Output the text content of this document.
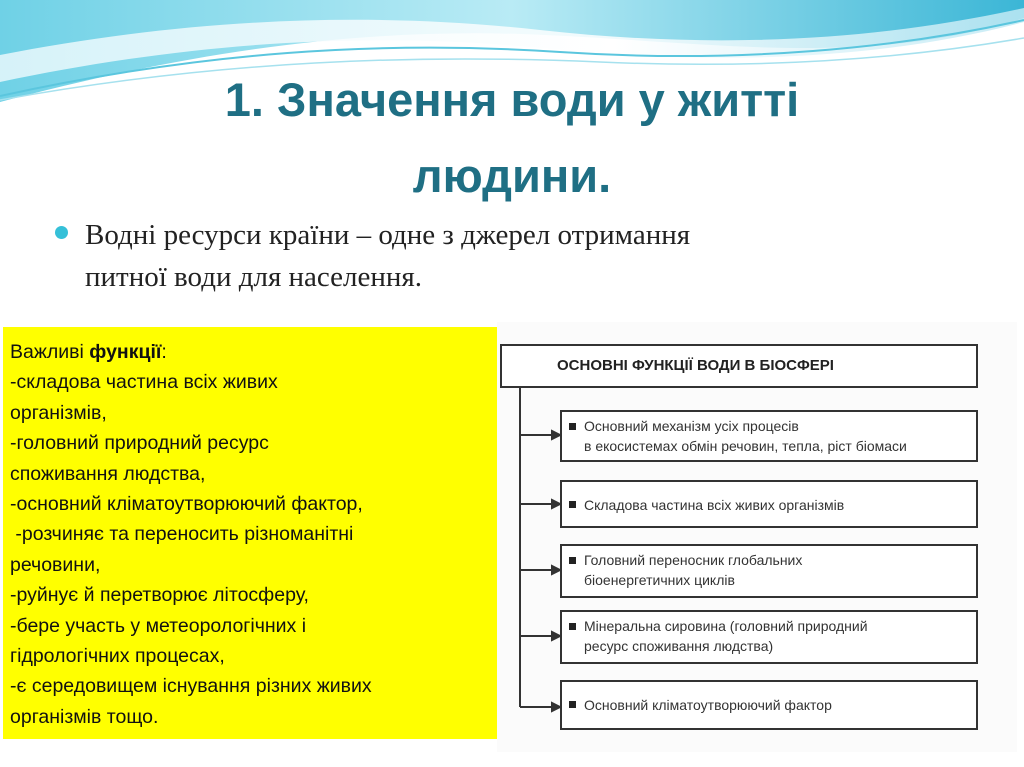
1. Значення води у житті
людини.
Водні ресурси країни – одне з джерел отримання
питної води для населення.
Важливі функції:
-складова частина всіх живих
організмів,
-головний природний ресурс
споживання людства,
-основний кліматоутворюючий фактор,
-розчиняє та переносить різноманітні
речовини,
-руйнує й перетворює літосферу,
-бере участь у метеорологічних і
гідрологічних процесах,
-є середовищем існування різних живих
організмів тощо.
ОСНОВНІ ФУНКЦІЇ ВОДИ В БІОСФЕРІ
Основний механізм усіх процесів
в екосистемах обмін речовин, тепла, ріст біомаси
Складова частина всіх живих організмів
Головний переносник глобальних
біоенергетичних циклів
Мінеральна сировина (головний природний
ресурс споживання людства)
Основний кліматоутворюючий фактор
